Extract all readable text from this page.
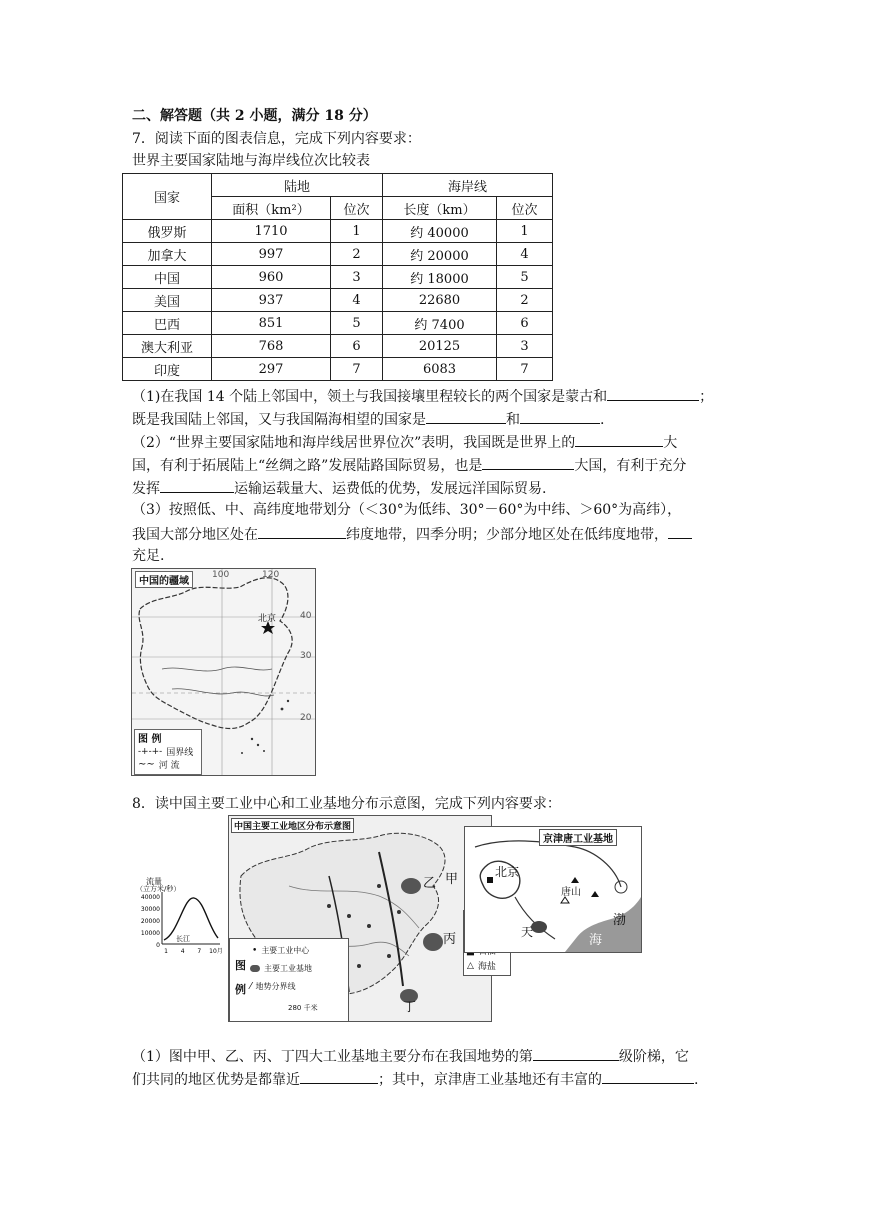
二、解答题（共 2 小题，满分 18 分）
7．阅读下面的图表信息，完成下列内容要求：
世界主要国家陆地与海岸线位次比较表
国家	陆地		海岸线	
	面积（km²）	位次	长度（km）	位次
俄罗斯	1710	1	约 40000	1
加拿大	997	2	约 20000	4
中国	960	3	约 18000	5
美国	937	4	22680	2
巴西	851	5	约 7400	6
澳大利亚	768	6	20125	3
印度	297	7	6083	7
（1)在我国 14 个陆上邻国中，领土与我国接壤里程较长的两个国家是蒙古和	；
既是我国陆上邻国，又与我国隔海相望的国家是	和	.
（2）“世界主要国家陆地和海岸线居世界位次”表明，我国既是世界上的	大
国，有利于拓展陆上“丝绸之路”发展陆路国际贸易，也是	大国，有利于充分
发挥	运输运载量大、运费低的优势，发展远洋国际贸易.
（3）按照低、中、高纬度地带划分（＜30°为低纬、30°－60°为中纬、＞60°为高纬），
我国大部分地区处在	纬度地带，四季分明；少部分地区处在低纬度地带，
充足.
中国的疆域
100	120
40
30
20
北京
图 例
-+-+- 国界线
∼∼ 河 流
8．读中国主要工业中心和工业基地分布示意图，完成下列内容要求：
流量
（立方米/秒）
40000
30000
20000
10000
0
1 4 7 10月
长江
中国主要工业地区分布示意图
乙 甲
丙
丁
图
例
• 主要工业中心
主要工业基地
⁄ 地势分界线
280 千米
△ 海盐
京津唐工业基地
北京
唐山
天
渤
海
（1）图中甲、乙、丙、丁四大工业基地主要分布在我国地势的第	级阶梯，它
们共同的地区优势是都靠近	；其中，京津唐工业基地还有丰富的	.
